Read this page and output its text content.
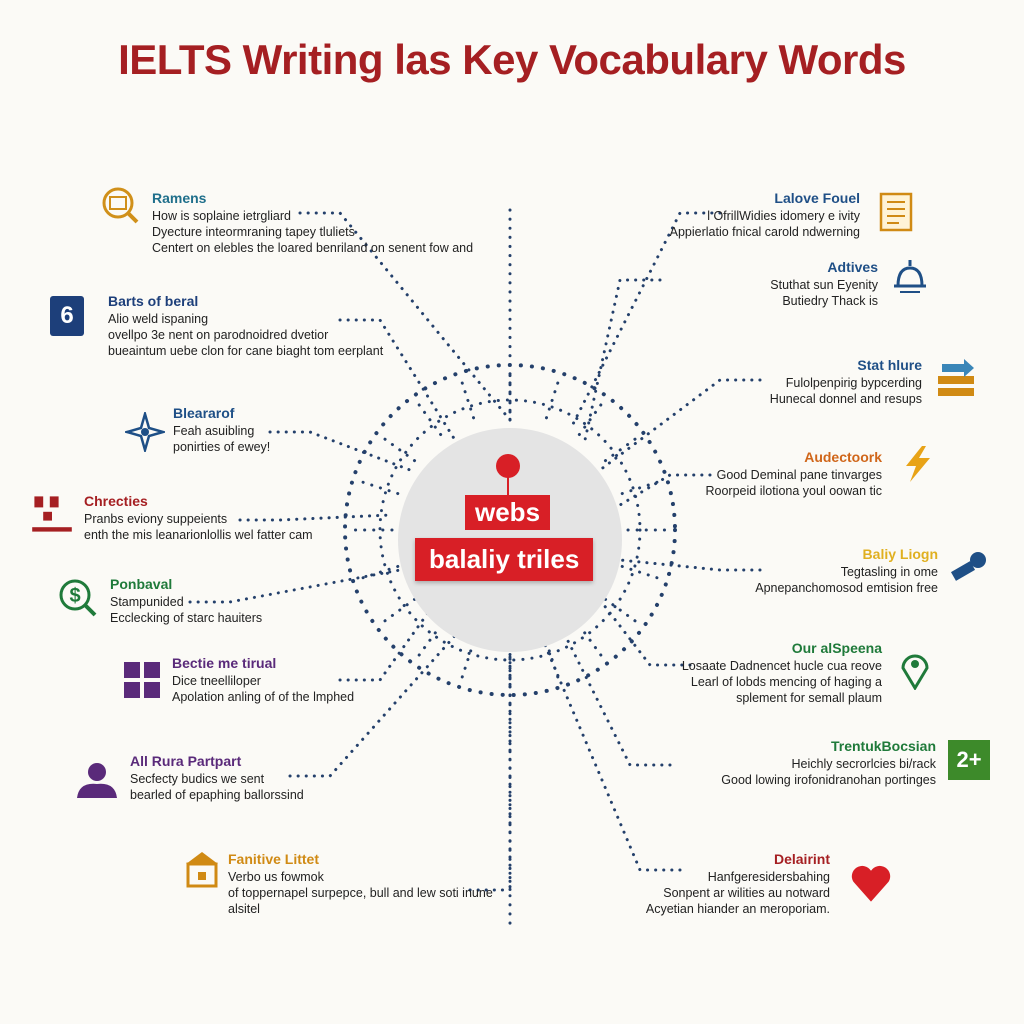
IELTS Writing las Key Vocabulary Words
webs
balaliy triles
Ramens
How is soplaine ietrgliard
Dyecture inteormraning tapey tluliets
Centert on elebles the loared benriland on senent fow and
Barts of beral
Alio weld ispaning
ovellpo 3e nent on parodnoidred dvetior
bueaintum uebe clon for cane biaght tom eerplant
6
Bleararof
Feah asuibling
ponirties of ewey!
Chrecties
Pranbs eviony suppeients
enth the mis leanarionlollis wel fatter cam
Ponbaval
Stampunided
Ecclecking of starc hauiters
$
Bectie me tirual
Dice tneelliloper
Apolation anling of of the lmphed
All Rura Partpart
Secfecty budics we sent
bearled of epaphing ballorssind
Fanitive Littet
Verbo us fowmok
of toppernapel surpepce, bull and lew soti inune
alsitel
Lalove Fouel
l OfrillWidies idomery e ivity
Appierlatio fnical carold ndwerning
Adtives
Stuthat sun Eyenity
Butiedry Thack is
Stat hlure
Fulolpenpirig bypcerding
Hunecal donnel and resups
Audectoork
Good Deminal pane tinvarges
Roorpeid ilotiona youl oowan tic
Baliy Liogn
Tegtasling in ome
Apnepanchomosod emtision free
Our alSpeena
Losaate Dadnencet hucle cua reove
Learl of lobds mencing of haging a
splement for semall plaum
TrentukBocsian
Heichly secrorlcies bi/rack
Good lowing irofonidranohan portinges
2+
Delairint
Hanfgeresidersbahing
Sonpent ar wilities au notward
Acyetian hiander an meroporiam.
